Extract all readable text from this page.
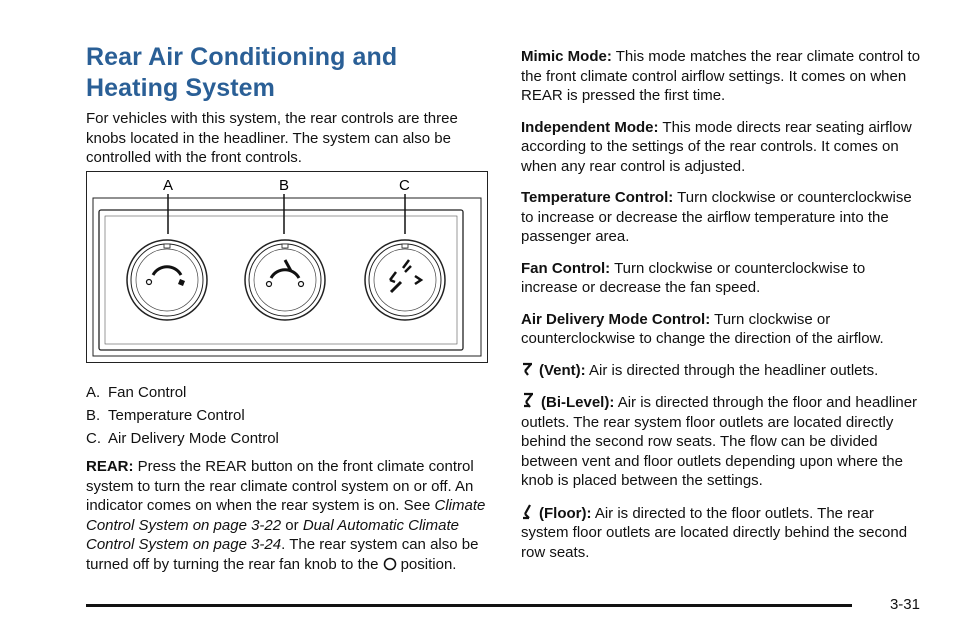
Rear Air Conditioning and Heating System

For vehicles with this system, the rear controls are three knobs located in the headliner. The system can also be controlled with the front controls.

A	B	C

A. Fan Control

B. Temperature Control

C. Air Delivery Mode Control

REAR: Press the REAR button on the front climate control system to turn the rear climate control system on or off. An indicator comes on when the rear system is on. See Climate Control System on page 3-22 or Dual Automatic Climate Control System on page 3-24. The rear system can also be turned off by turning the rear fan knob to the position.

Mimic Mode: This mode matches the rear climate control to the front climate control airflow settings. It comes on when REAR is pressed the first time.

Independent Mode: This mode directs rear seating airflow according to the settings of the rear controls. It comes on when any rear control is adjusted.

Temperature Control: Turn clockwise or counterclockwise to increase or decrease the airflow temperature into the passenger area.

Fan Control: Turn clockwise or counterclockwise to increase or decrease the fan speed.

Air Delivery Mode Control: Turn clockwise or counterclockwise to change the direction of the airflow.

(Vent): Air is directed through the headliner outlets.

(Bi-Level): Air is directed through the floor and headliner outlets. The rear system floor outlets are located directly behind the second row seats. The flow can be divided between vent and floor outlets depending upon where the knob is placed between the settings.

(Floor): Air is directed to the floor outlets. The rear system floor outlets are located directly behind the second row seats.

3-31
